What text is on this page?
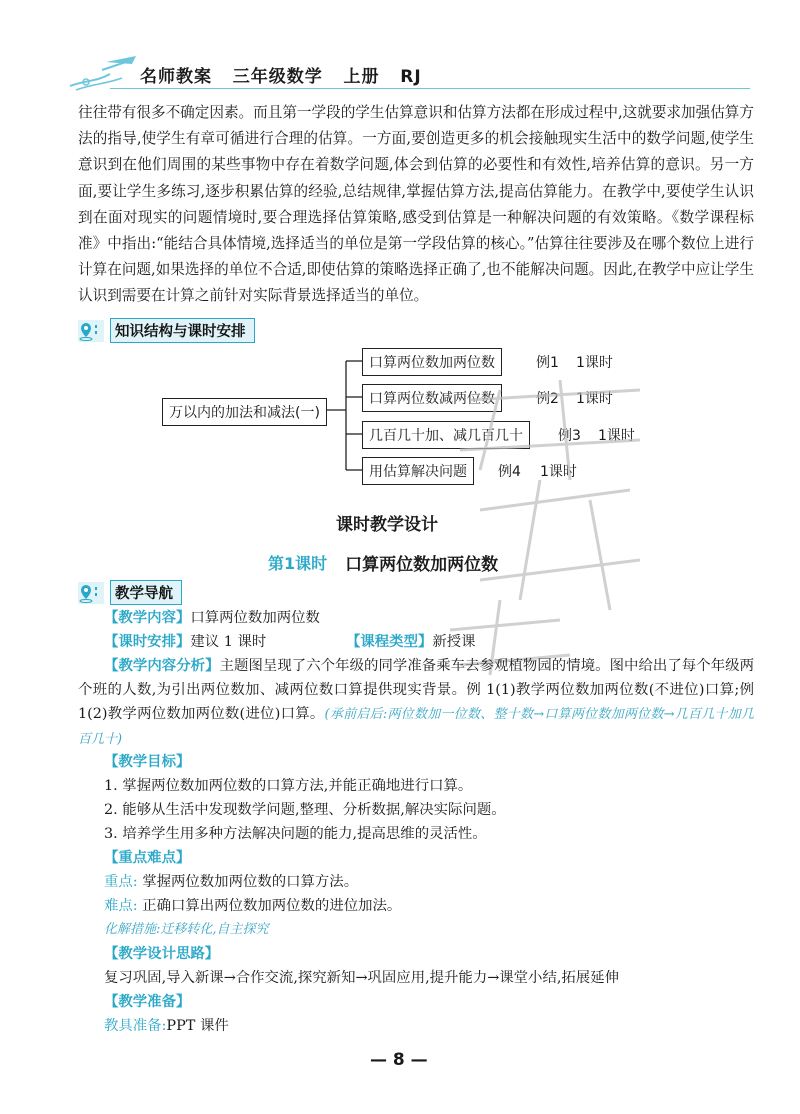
名师教案   三年级数学   上册   RJ
往往带有很多不确定因素。而且第一学段的学生估算意识和估算方法都在形成过程中,这就要求加强估算方法的指导,使学生有章可循进行合理的估算。一方面,要创造更多的机会接触现实生活中的数学问题,使学生意识到在他们周围的某些事物中存在着数学问题,体会到估算的必要性和有效性,培养估算的意识。另一方面,要让学生多练习,逐步积累估算的经验,总结规律,掌握估算方法,提高估算能力。在教学中,要使学生认识到在面对现实的问题情境时,要合理选择估算策略,感受到估算是一种解决问题的有效策略。《数学课程标准》中指出:“能结合具体情境,选择适当的单位是第一学段估算的核心。”估算往往要涉及在哪个数位上进行计算在问题,如果选择的单位不合适,即使估算的策略选择正确了,也不能解决问题。因此,在教学中应让学生认识到需要在计算之前针对实际背景选择适当的单位。
知识结构与课时安排
万以内的加法和减法(一)
口算两位数加两位数	例1 1课时
口算两位数减两位数	例2 1课时
几百几十加、减几百几十	例3 1课时
用估算解决问题	例4 1课时
课时教学设计
第1课时 口算两位数加两位数
教学导航
【教学内容】口算两位数加两位数
【课时安排】建议 1 课时	【课程类型】新授课
【教学内容分析】主题图呈现了六个年级的同学准备乘车去参观植物园的情境。图中给出了每个年级两个班的人数,为引出两位数加、减两位数口算提供现实背景。例 1(1)教学两位数加两位数(不进位)口算;例 1(2)教学两位数加两位数(进位)口算。(承前启后:两位数加一位数、整十数→口算两位数加两位数→几百几十加几百几十)
【教学目标】
1. 掌握两位数加两位数的口算方法,并能正确地进行口算。
2. 能够从生活中发现数学问题,整理、分析数据,解决实际问题。
3. 培养学生用多种方法解决问题的能力,提高思维的灵活性。
【重点难点】
重点: 掌握两位数加两位数的口算方法。
难点: 正确口算出两位数加两位数的进位加法。
化解措施:迁移转化,自主探究
【教学设计思路】
复习巩固,导入新课→合作交流,探究新知→巩固应用,提升能力→课堂小结,拓展延伸
【教学准备】
教具准备:PPT 课件
— 8 —
